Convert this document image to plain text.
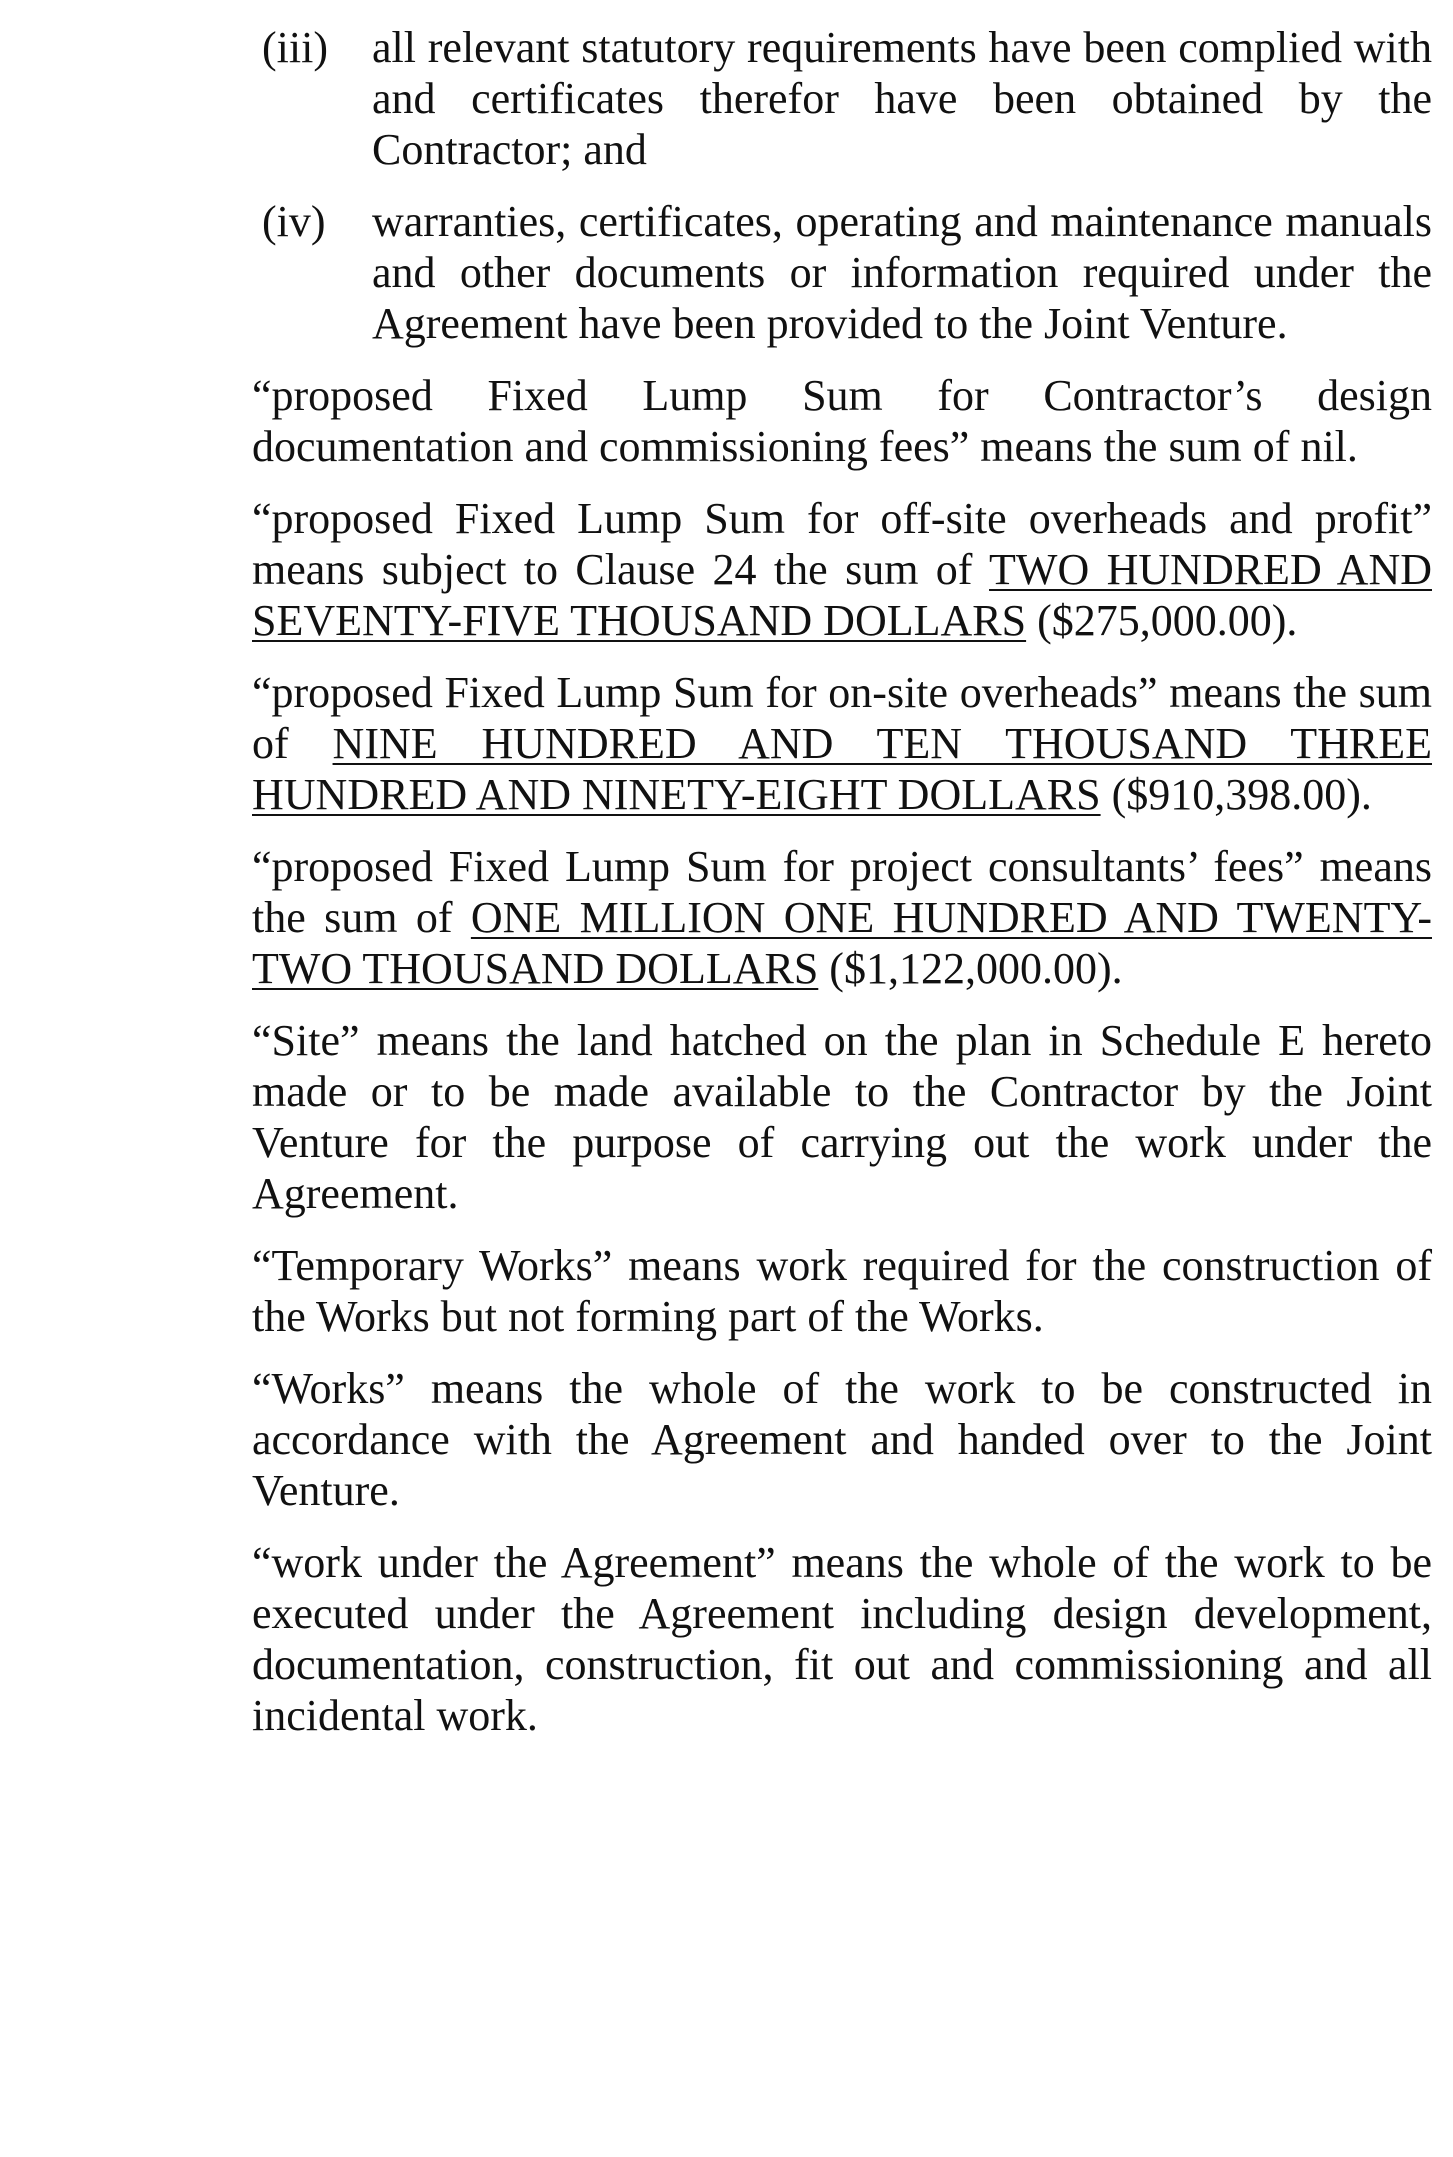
(iii) all relevant statutory requirements have been complied with and certificates therefor have been obtained by the Contractor; and
(iv) warranties, certificates, operating and maintenance manuals and other documents or information required under the Agreement have been provided to the Joint Venture.

“proposed Fixed Lump Sum for Contractor’s design documentation and commissioning fees” means the sum of nil.

“proposed Fixed Lump Sum for off-site overheads and profit” means subject to Clause 24 the sum of TWO HUNDRED AND SEVENTY-FIVE THOUSAND DOLLARS ($275,000.00).

“proposed Fixed Lump Sum for on-site overheads” means the sum of NINE HUNDRED AND TEN THOUSAND THREE HUNDRED AND NINETY-EIGHT DOLLARS ($910,398.00).

“proposed Fixed Lump Sum for project consultants’ fees” means the sum of ONE MILLION ONE HUNDRED AND TWENTY-TWO THOUSAND DOLLARS ($1,122,000.00).

“Site” means the land hatched on the plan in Schedule E hereto made or to be made available to the Contractor by the Joint Venture for the purpose of carrying out the work under the Agreement.

“Temporary Works” means work required for the construction of the Works but not forming part of the Works.

“Works” means the whole of the work to be constructed in accordance with the Agreement and handed over to the Joint Venture.

“work under the Agreement” means the whole of the work to be executed under the Agreement including design development, documentation, construction, fit out and commissioning and all incidental work.
